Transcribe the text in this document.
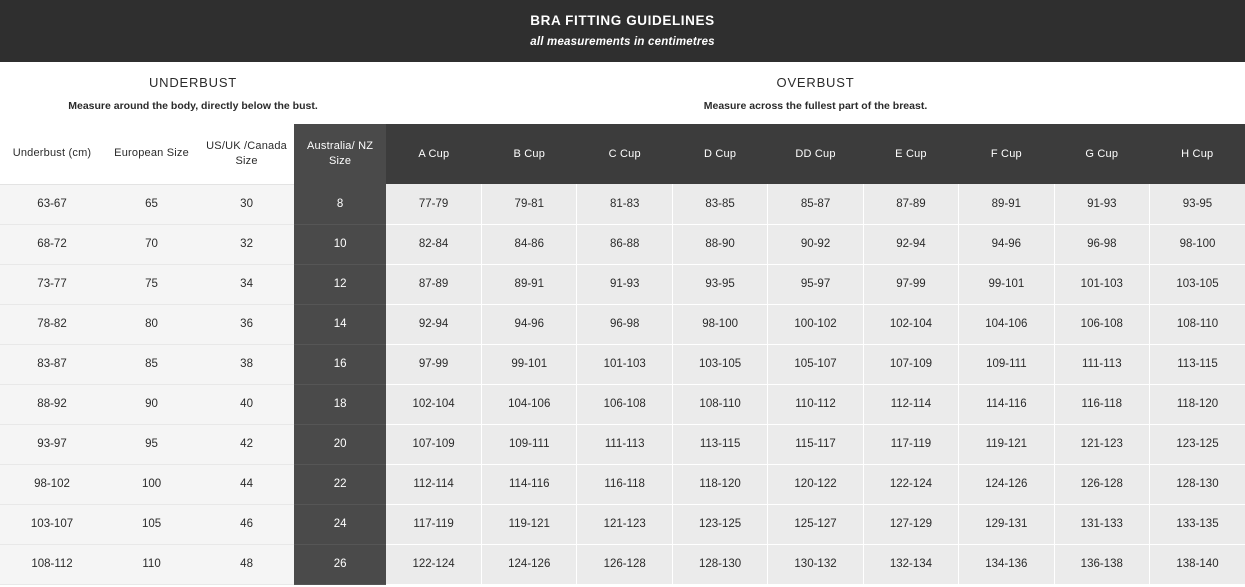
BRA FITTING GUIDELINES
all measurements in centimetres
UNDERBUST
Measure around the body, directly below the bust.
OVERBUST
Measure across the fullest part of the breast.
Underbust (cm)	European Size	US/UK /Canada Size	Australia/ NZ Size	A Cup	B Cup	C Cup	D Cup	DD Cup	E Cup	F Cup	G Cup	H Cup
63-67	65	30	8	77-79	79-81	81-83	83-85	85-87	87-89	89-91	91-93	93-95
68-72	70	32	10	82-84	84-86	86-88	88-90	90-92	92-94	94-96	96-98	98-100
73-77	75	34	12	87-89	89-91	91-93	93-95	95-97	97-99	99-101	101-103	103-105
78-82	80	36	14	92-94	94-96	96-98	98-100	100-102	102-104	104-106	106-108	108-110
83-87	85	38	16	97-99	99-101	101-103	103-105	105-107	107-109	109-111	111-113	113-115
88-92	90	40	18	102-104	104-106	106-108	108-110	110-112	112-114	114-116	116-118	118-120
93-97	95	42	20	107-109	109-111	111-113	113-115	115-117	117-119	119-121	121-123	123-125
98-102	100	44	22	112-114	114-116	116-118	118-120	120-122	122-124	124-126	126-128	128-130
103-107	105	46	24	117-119	119-121	121-123	123-125	125-127	127-129	129-131	131-133	133-135
108-112	110	48	26	122-124	124-126	126-128	128-130	130-132	132-134	134-136	136-138	138-140
